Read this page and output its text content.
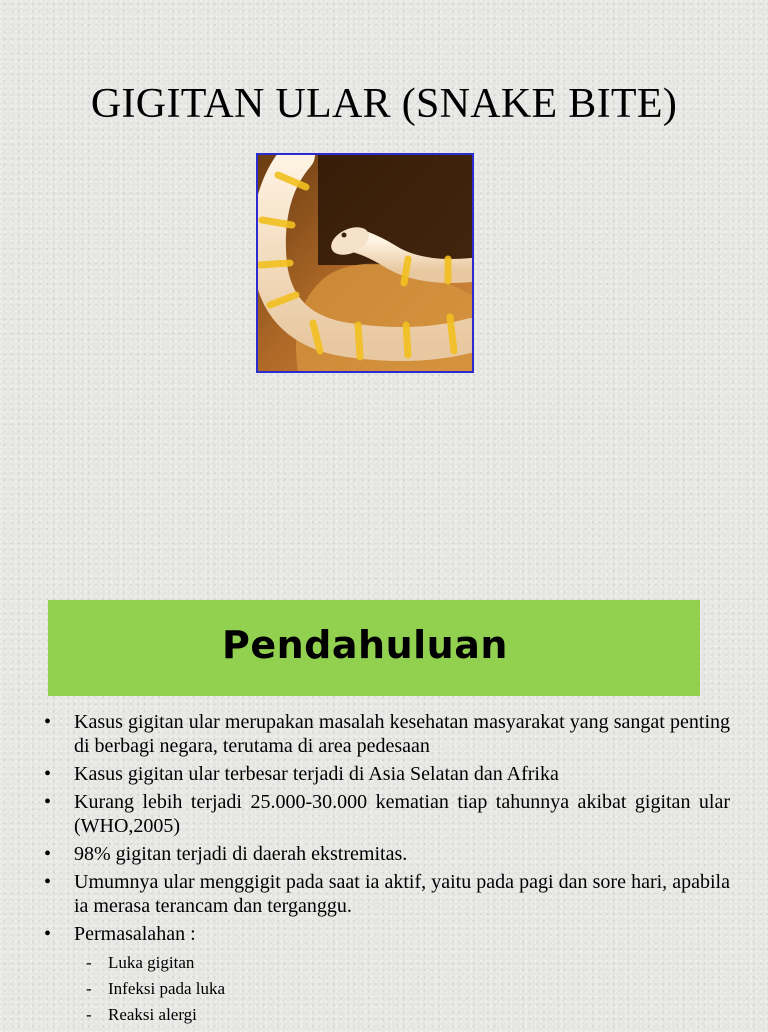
GIGITAN ULAR (SNAKE BITE)
Pendahuluan
• Kasus gigitan ular merupakan masalah kesehatan masyarakat yang sangat penting di berbagi negara, terutama di area pedesaan
• Kasus gigitan ular terbesar terjadi di Asia Selatan dan Afrika
• Kurang lebih terjadi 25.000-30.000 kematian tiap tahunnya akibat gigitan ular (WHO,2005)
• 98% gigitan terjadi di daerah ekstremitas.
• Umumnya ular menggigit pada saat ia aktif, yaitu pada pagi dan sore hari, apabila ia merasa terancam dan terganggu.
• Permasalahan :
- Luka gigitan
- Infeksi pada luka
- Reaksi alergi
